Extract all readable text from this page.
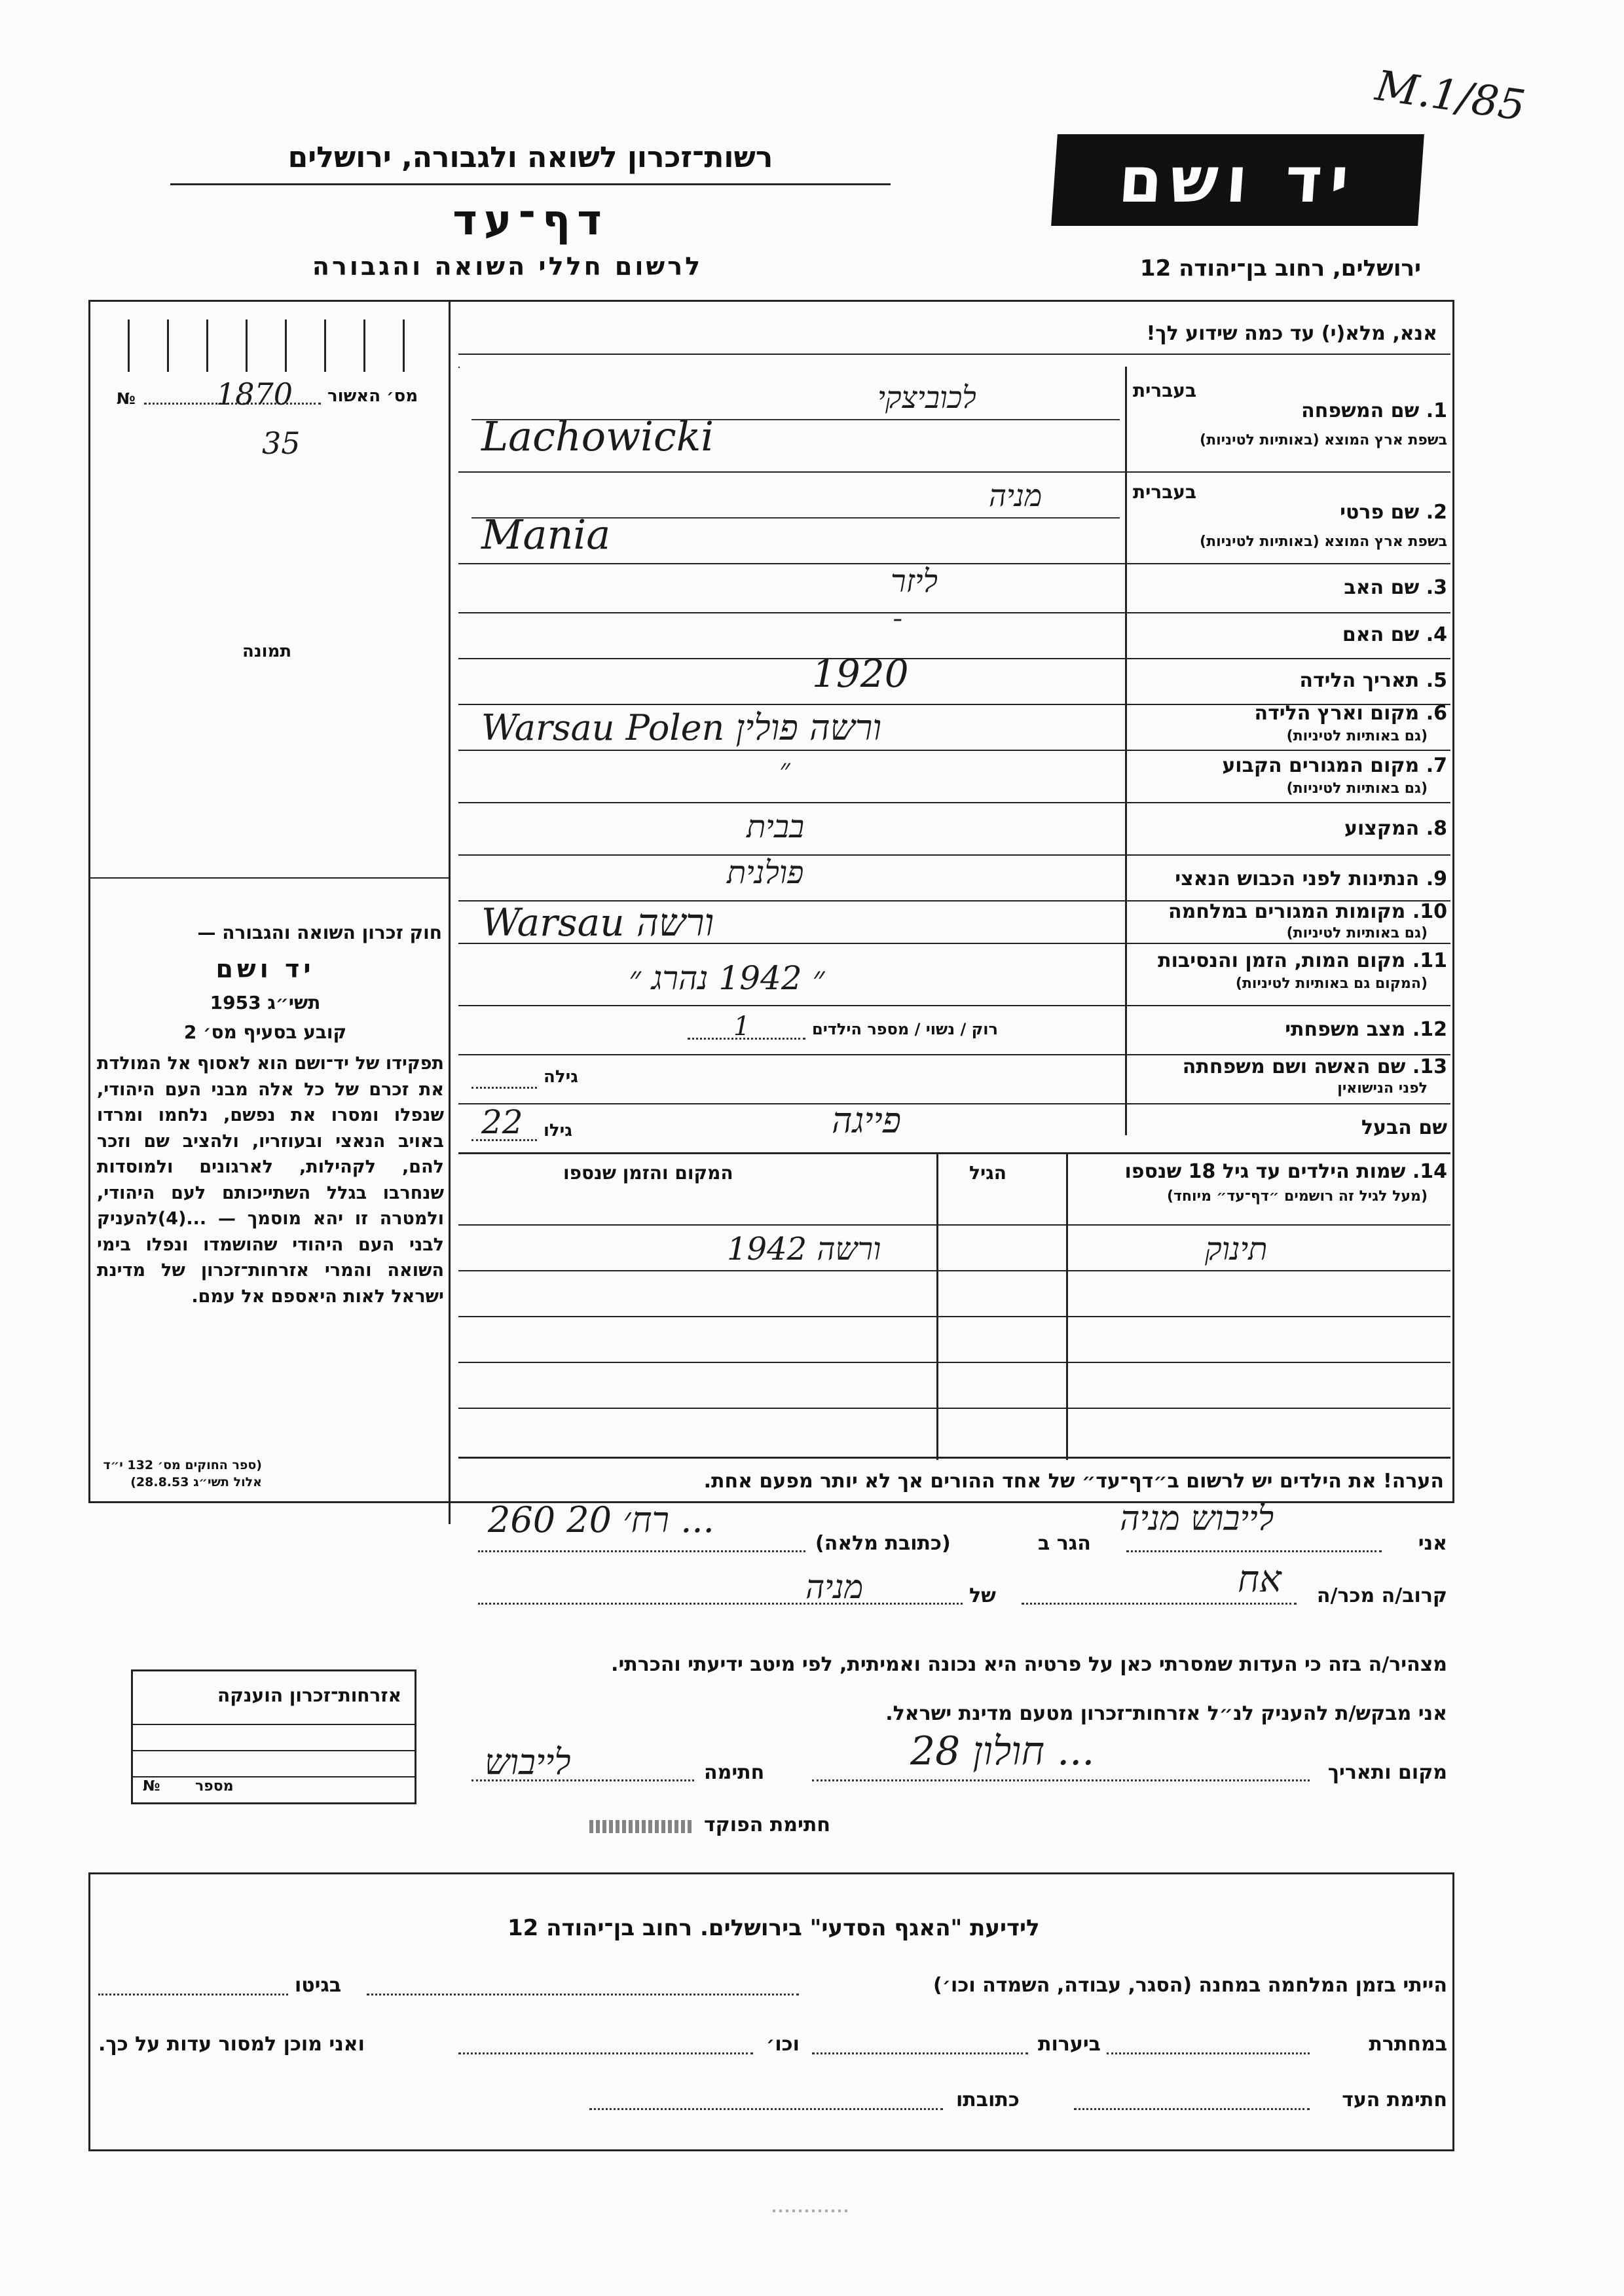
M.1/85
רשות־זכרון לשואה ולגבורה, ירושלים
דף־עד
לרשום חללי השואה והגבורה
יד ושם
ירושלים, רחוב בן־יהודה 12
אנא, מלא(י) עד כמה שידוע לך!
№	מס׳ האשור
1870
35
תמונה
חוק זכרון השואה והגבורה —
יד ושם
תשי״ג 1953
קובע בסעיף מס׳ 2
תפקידו של יד־ושם הוא לאסוף אל המולדת את זכרם של כל אלה מבני העם היהודי, שנפלו ומסרו את נפשם, נלחמו ומרדו באויב הנאצי ובעוזריו, ולהציב שם וזכר להם, לקהילות, לארגונים ולמוסדות שנחרבו בגלל השתייכותם לעם היהודי, ולמטרה זו יהא מוסמך — ...(4)להעניק לבני העם היהודי שהושמדו ונפלו בימי השואה והמרי אזרחות־זכרון של מדינת ישראל לאות היאספם אל עמם.
(ספר החוקים מס׳ 132 י״ד אלול תשי״ג 28.8.53)
1. שם המשפחה
בשפת ארץ המוצא (באותיות לטיניות)
בעברית
לכוביצקי
Lachowicki
2. שם פרטי
בשפת ארץ המוצא (באותיות לטיניות)
בעברית
מניה
Mania
3. שם האב
ליזר
4. שם האם
־
5. תאריך הלידה
1920
6. מקום וארץ הלידה
(גם באותיות לטיניות)
Warsau Polen ורשה פולין
7. מקום המגורים הקבוע
(גם באותיות לטיניות)
״
8. המקצוע
בבית
9. הנתינות לפני הכבוש הנאצי
פולנית
10. מקומות המגורים במלחמה
(גם באותיות לטיניות)
Warsau ורשה
11. מקום המות, הזמן והנסיבות
(המקום גם באותיות לטיניות)
״ 1942 נהרג ״
12. מצב משפחתי
רוק / נשוי / מספר הילדים
1
13. שם האשה ושם משפחתה
לפני הנישואין
גילה
שם הבעל
גילו
22	פייגה
14. שמות הילדים עד גיל 18 שנספו
(מעל לגיל זה רושמים ״דף־עד״ מיוחד)
הגיל
המקום והזמן שנספו
תינוק
ורשה 1942
הערה! את הילדים יש לרשום ב״דף־עד״ של אחד ההורים אך לא יותר מפעם אחת.
אני
לייבוש מניה
הגר ב
(כתובת מלאה)
260 רח׳ 20 ...
קרוב/ה מכר/ה
אח
של
מניה
מצהיר/ה בזה כי העדות שמסרתי כאן על פרטיה היא נכונה ואמיתית, לפי מיטב ידיעתי והכרתי.
אני מבקש/ת להעניק לנ״ל אזרחות־זכרון מטעם מדינת ישראל.
מקום ותאריך
חולון 28 ...
חתימה
לייבוש
חתימת הפוקד
אזרחות־זכרון הוענקה
№ מספר
לידיעת "האגף הסדעי" בירושלים. רחוב בן־יהודה 12
הייתי בזמן המלחמה במחנה (הסגר, עבודה, השמדה וכו׳)
בגיטו
במחתרת
ביערות
וכו׳
ואני מוכן למסור עדות על כך.
חתימת העד
כתובתו
